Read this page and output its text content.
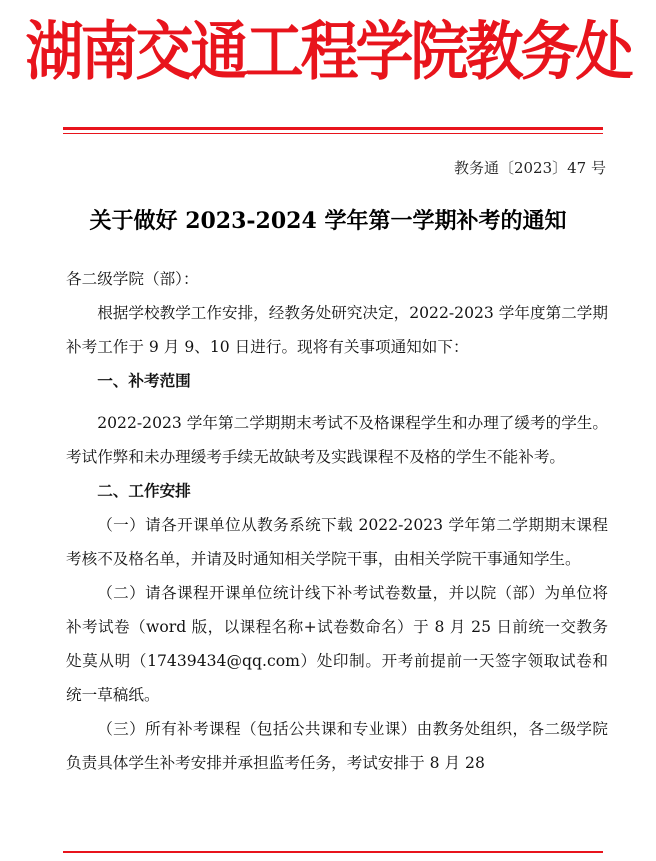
湖南交通工程学院教务处
教务通〔2023〕47 号
关于做好 2023-2024 学年第一学期补考的通知

各二级学院（部）：

根据学校教学工作安排，经教务处研究决定，2022-2023 学年度第二学期补考工作于 9 月 9、10 日进行。现将有关事项通知如下：

一、补考范围

2022-2023 学年第二学期期末考试不及格课程学生和办理了缓考的学生。考试作弊和未办理缓考手续无故缺考及实践课程不及格的学生不能补考。

二、工作安排

（一）请各开课单位从教务系统下载 2022-2023 学年第二学期期末课程考核不及格名单，并请及时通知相关学院干事，由相关学院干事通知学生。

（二）请各课程开课单位统计线下补考试卷数量，并以院（部）为单位将补考试卷（word 版，以课程名称+试卷数命名）于 8 月 25 日前统一交教务处莫从明（17439434@qq.com）处印制。开考前提前一天签字领取试卷和统一草稿纸。

（三）所有补考课程（包括公共课和专业课）由教务处组织，各二级学院负责具体学生补考安排并承担监考任务，考试安排于 8 月 28
